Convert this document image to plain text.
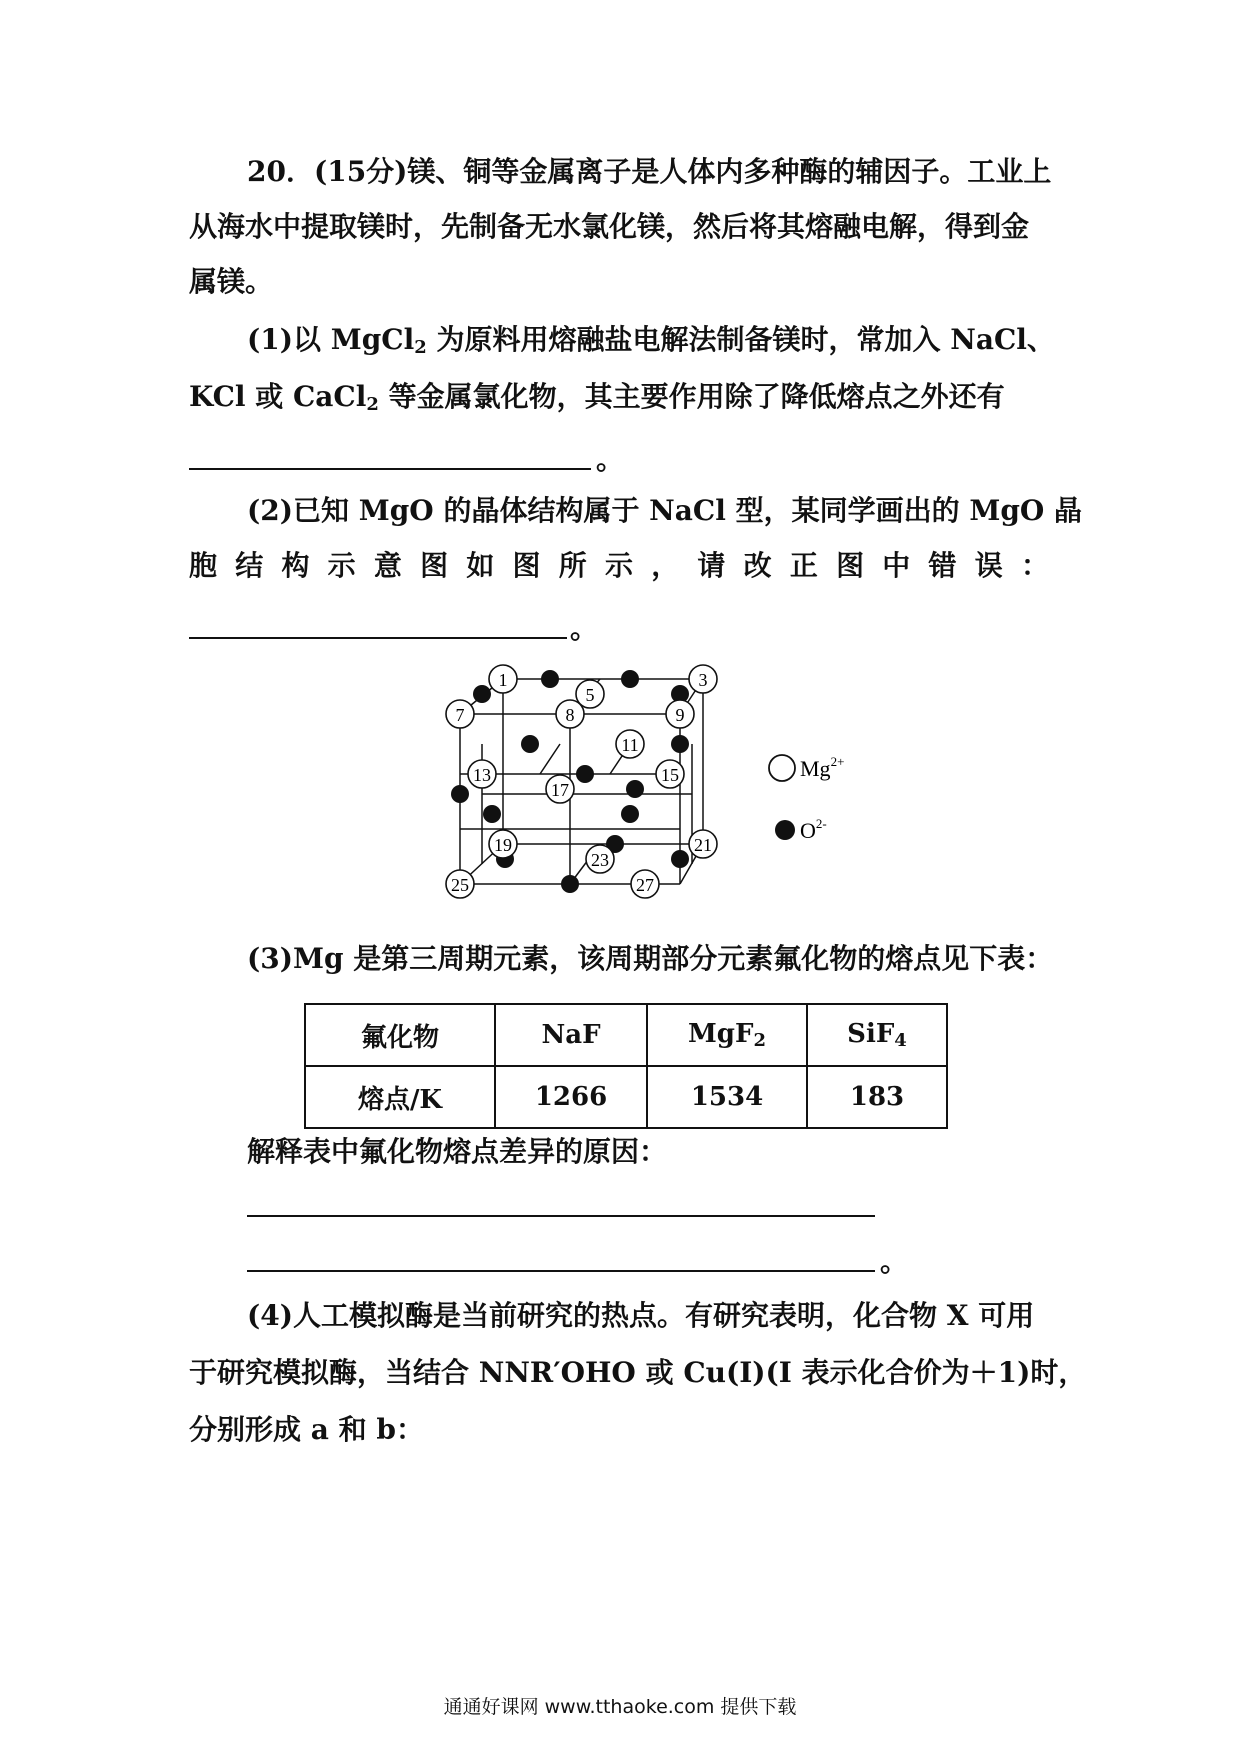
20．(15分)镁、铜等金属离子是人体内多种酶的辅因子。工业上
从海水中提取镁时，先制备无水氯化镁，然后将其熔融电解，得到金
属镁。
(1)以 MgCl$_2$ 为原料用熔融盐电解法制备镁时，常加入 NaCl、
KCl 或 CaCl$_2$ 等金属氯化物，其主要作用除了降低熔点之外还有
。
(2)已知 MgO 的晶体结构属于 NaCl 型，某同学画出的 MgO 晶
胞 结 构 示 意 图 如 图 所 示 ， 请 改 正 图 中 错 误 ：
。
1	3
5
7	8	9
11
13	15
17
19	21
23
25	27
$Mg^{2+}$
$O^{2-}$
(3)Mg 是第三周期元素，该周期部分元素氟化物的熔点见下表：
氟化物	NaF	MgF$_2$	SiF$_4$
熔点/K	1266	1534	183
解释表中氟化物熔点差异的原因：
。
(4)人工模拟酶是当前研究的热点。有研究表明，化合物 X 可用
于研究模拟酶，当结合 NNR′OHO 或 Cu(I)(I 表示化合价为＋1)时，
分别形成 a 和 b：
通通好课网 www.tthaoke.com 提供下载
